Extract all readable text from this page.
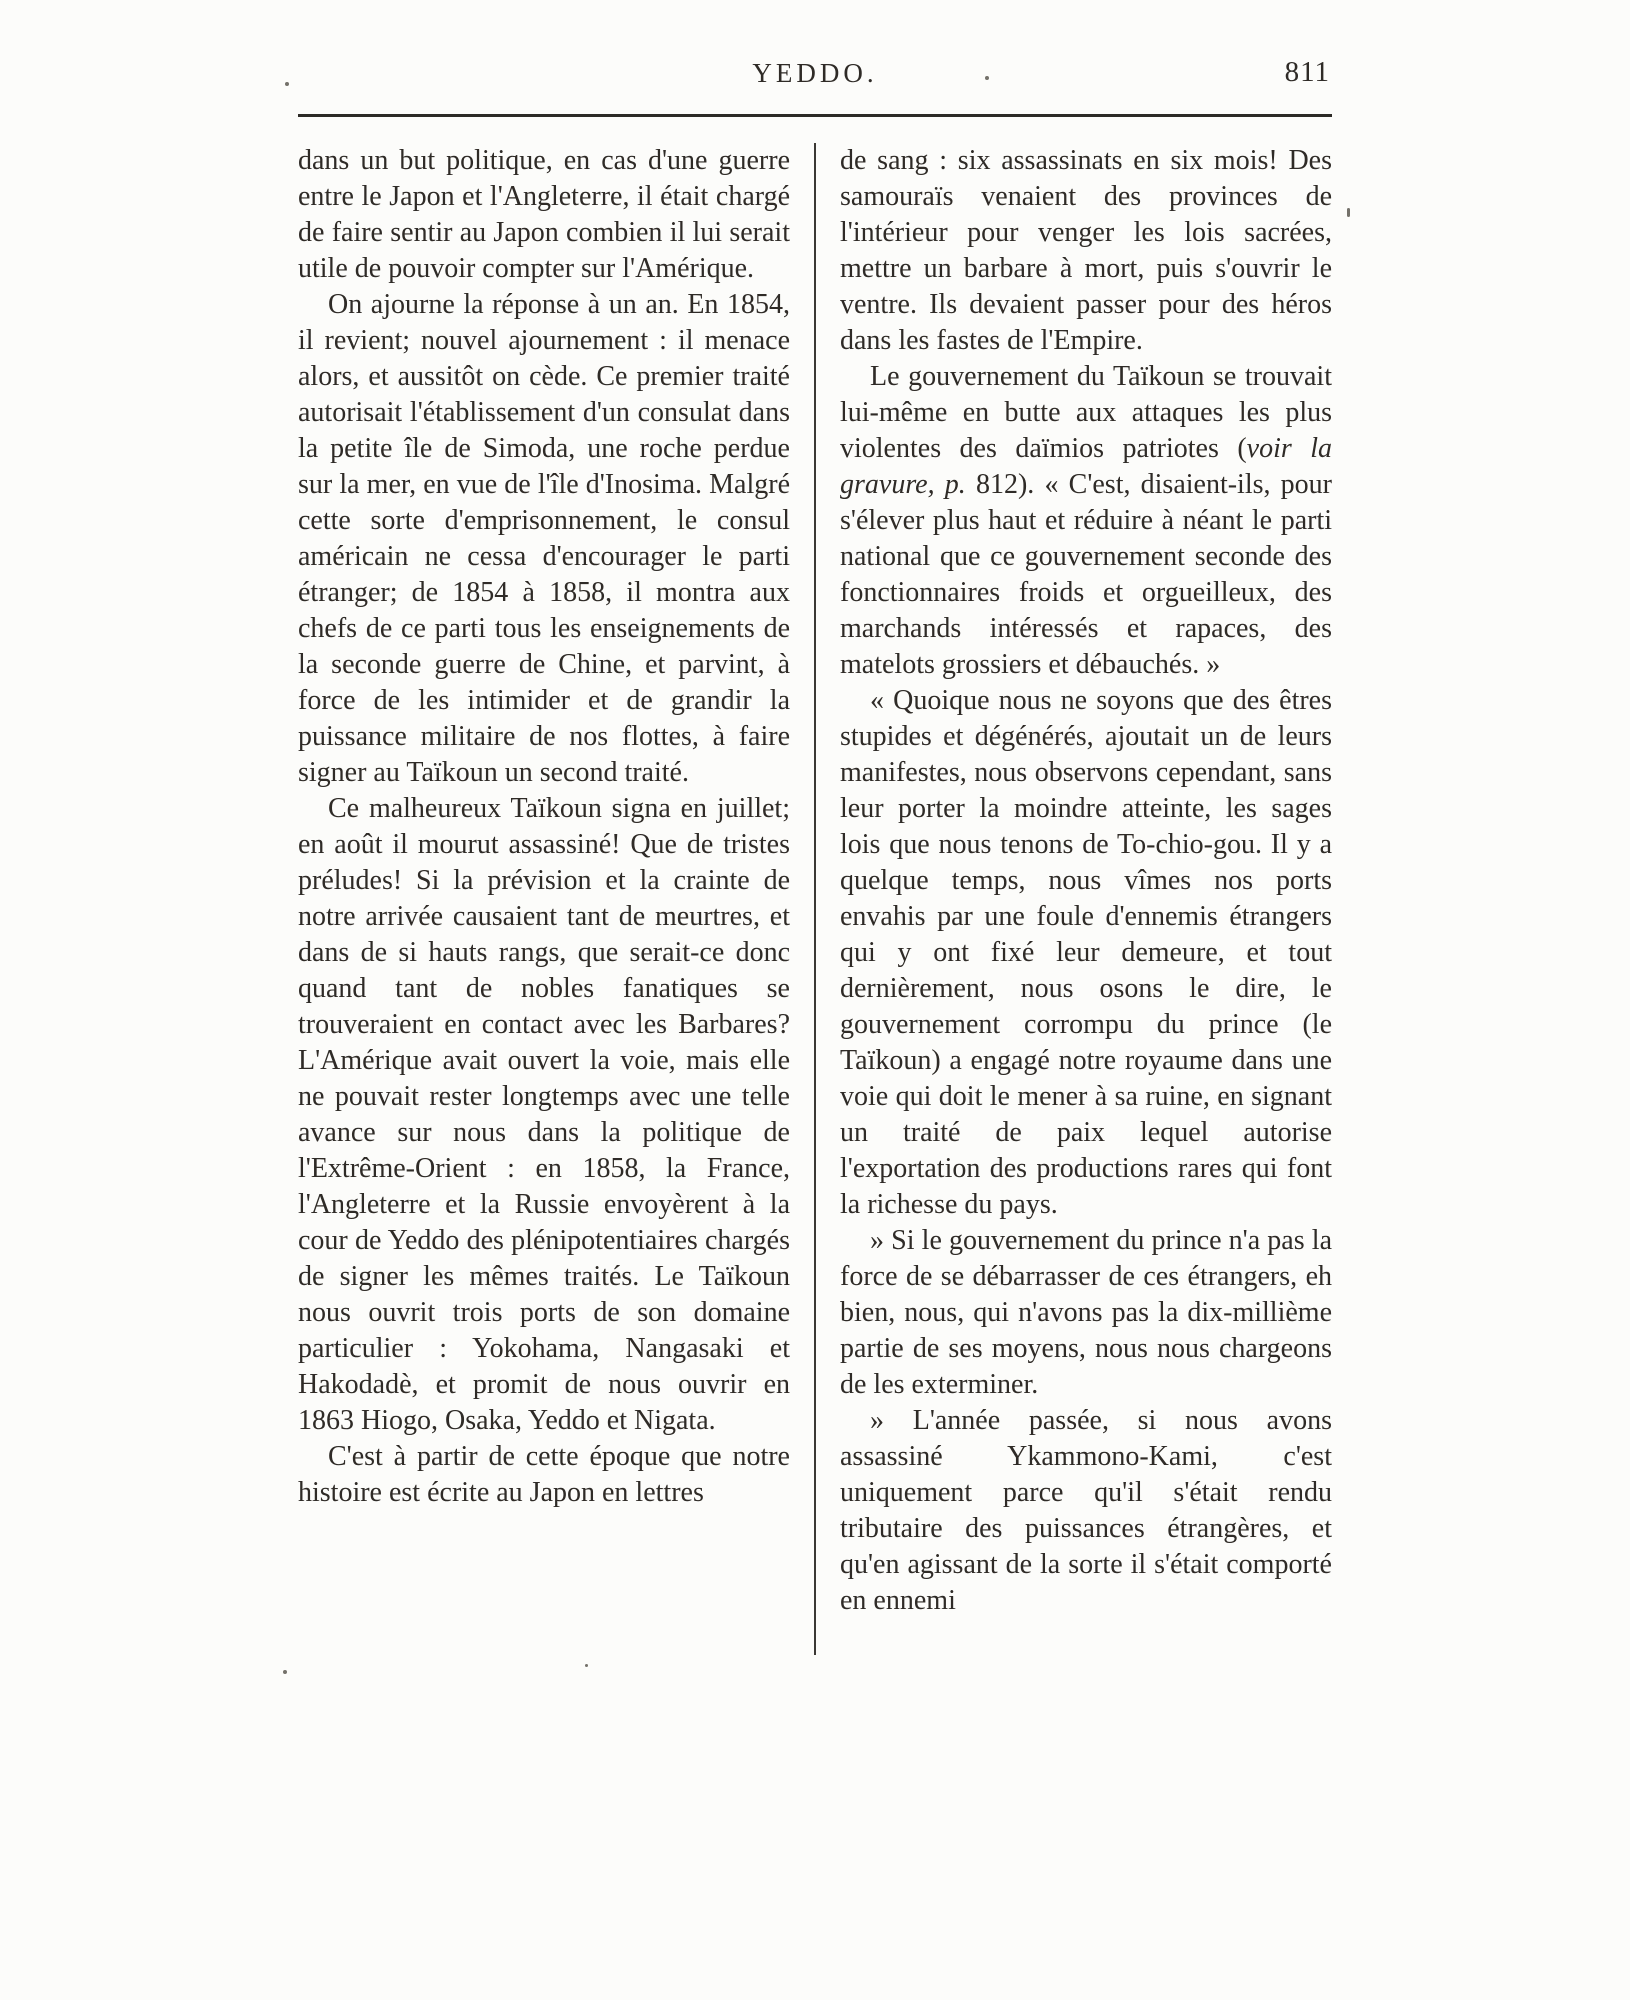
YEDDO.	811

dans un but politique, en cas d'une guerre entre le Japon et l'Angleterre, il était chargé de faire sentir au Japon combien il lui serait utile de pouvoir compter sur l'Amérique.

On ajourne la réponse à un an. En 1854, il revient; nouvel ajournement : il menace alors, et aussitôt on cède. Ce premier traité autorisait l'établissement d'un consulat dans la petite île de Simoda, une roche perdue sur la mer, en vue de l'île d'Inosima. Malgré cette sorte d'emprisonnement, le consul américain ne cessa d'encourager le parti étranger; de 1854 à 1858, il montra aux chefs de ce parti tous les enseignements de la seconde guerre de Chine, et parvint, à force de les intimider et de grandir la puissance militaire de nos flottes, à faire signer au Taïkoun un second traité.

Ce malheureux Taïkoun signa en juillet; en août il mourut assassiné! Que de tristes préludes! Si la prévision et la crainte de notre arrivée causaient tant de meurtres, et dans de si hauts rangs, que serait-ce donc quand tant de nobles fanatiques se trouveraient en contact avec les Barbares? L'Amérique avait ouvert la voie, mais elle ne pouvait rester longtemps avec une telle avance sur nous dans la politique de l'Extrême-Orient : en 1858, la France, l'Angleterre et la Russie envoyèrent à la cour de Yeddo des plénipotentiaires chargés de signer les mêmes traités. Le Taïkoun nous ouvrit trois ports de son domaine particulier : Yokohama, Nangasaki et Hakodadè, et promit de nous ouvrir en 1863 Hiogo, Osaka, Yeddo et Nigata.

C'est à partir de cette époque que notre histoire est écrite au Japon en lettres

de sang : six assassinats en six mois! Des samouraïs venaient des provinces de l'intérieur pour venger les lois sacrées, mettre un barbare à mort, puis s'ouvrir le ventre. Ils devaient passer pour des héros dans les fastes de l'Empire.

Le gouvernement du Taïkoun se trouvait lui-même en butte aux attaques les plus violentes des daïmios patriotes (voir la gravure, p. 812). « C'est, disaient-ils, pour s'élever plus haut et réduire à néant le parti national que ce gouvernement seconde des fonctionnaires froids et orgueilleux, des marchands intéressés et rapaces, des matelots grossiers et débauchés. »

« Quoique nous ne soyons que des êtres stupides et dégénérés, ajoutait un de leurs manifestes, nous observons cependant, sans leur porter la moindre atteinte, les sages lois que nous tenons de To-chio-gou. Il y a quelque temps, nous vîmes nos ports envahis par une foule d'ennemis étrangers qui y ont fixé leur demeure, et tout dernièrement, nous osons le dire, le gouvernement corrompu du prince (le Taïkoun) a engagé notre royaume dans une voie qui doit le mener à sa ruine, en signant un traité de paix lequel autorise l'exportation des productions rares qui font la richesse du pays.

» Si le gouvernement du prince n'a pas la force de se débarrasser de ces étrangers, eh bien, nous, qui n'avons pas la dix-millième partie de ses moyens, nous nous chargeons de les exterminer.

» L'année passée, si nous avons assassiné Ykammono-Kami, c'est uniquement parce qu'il s'était rendu tributaire des puissances étrangères, et qu'en agissant de la sorte il s'était comporté en ennemi
